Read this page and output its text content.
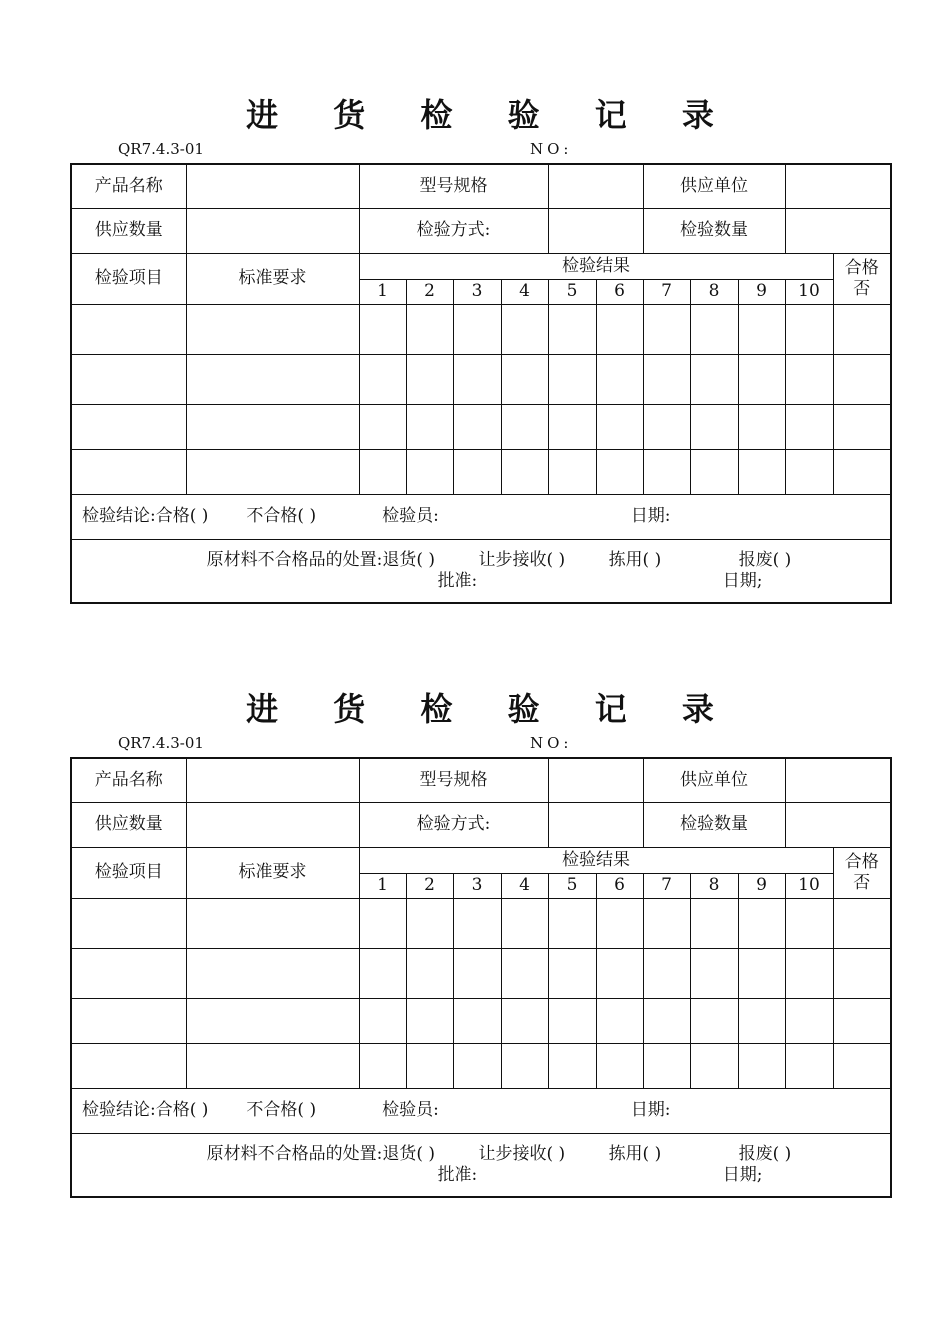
进 货 检 验 记 录
QR7.4.3-01	NO:
产品名称		型号规格						供应单位				
供应数量		检验方式:						检验数量				
检验项目	标准要求	检验结果										合格
否
		1	2	3	4	5	6	7	8	9	10	

检验结论: 合格( ) 不合格( ) 检验员: 日期:												

原材料不合格品的处置:退货( ) 让步接收( ) 拣用( ) 报废( )
批准: 日期;												
进 货 检 验 记 录
QR7.4.3-01	NO:
产品名称		型号规格						供应单位				
供应数量		检验方式:						检验数量				
检验项目	标准要求	检验结果										合格
否
		1	2	3	4	5	6	7	8	9	10	

检验结论: 合格( ) 不合格( ) 检验员: 日期:												

原材料不合格品的处置:退货( ) 让步接收( ) 拣用( ) 报废( )
批准: 日期;												
